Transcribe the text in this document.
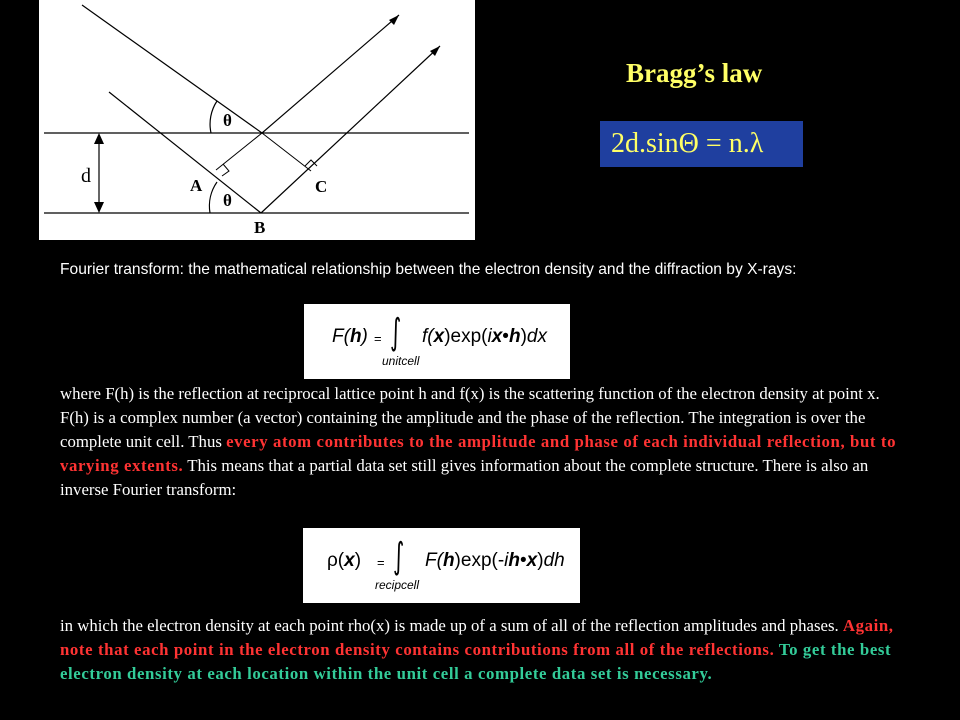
θ
θ
d	A
B
C
Bragg’s law
2d.sinΘ = n.λ

Fourier transform: the mathematical relationship between the electron density and the diffraction by X-rays:

F(h) = ∫ f(x)exp(ix•h)dx
unitcell

where F(h) is the reflection at reciprocal lattice point h and f(x) is the scattering function of the electron density at point x. F(h) is a complex number (a vector) containing the amplitude and the phase of the reflection. The integration is over the complete unit cell. Thus every atom contributes to the amplitude and phase of each individual reflection, but to varying extents. This means that a partial data set still gives information about the complete structure. There is also an inverse Fourier transform:

ρ(x) = ∫ F(h)exp(-ih•x)dh
recipcell

in which the electron density at each point rho(x) is made up of a sum of all of the reflection amplitudes and phases. Again, note that each point in the electron density contains contributions from all of the reflections. To get the best electron density at each location within the unit cell a complete data set is necessary.
